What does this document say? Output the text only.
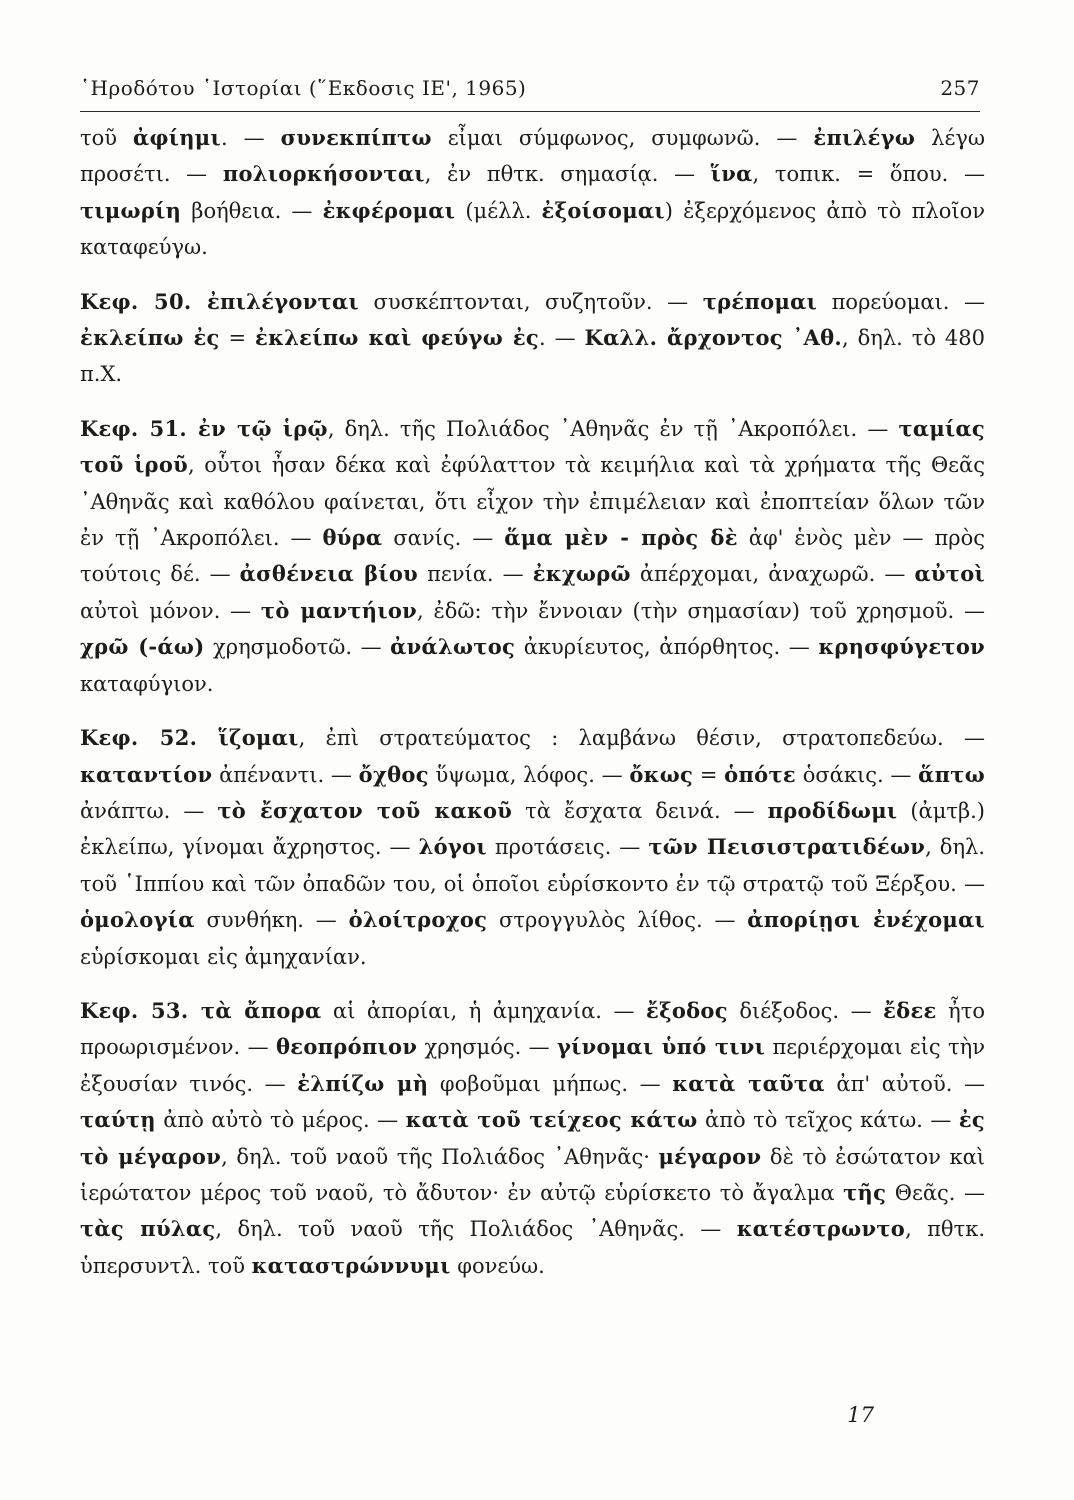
῾Ηροδότου ῾Ιστορίαι (῞Εκδοσις ΙΕ', 1965)	257

τοῦ ἀφίημι. — συνεκπίπτω εἶμαι σύμφωνος, συμφωνῶ. — ἐπιλέγω λέγω προσέτι. — πολιορκήσονται, ἐν πθτκ. σημασίᾳ. — ἵνα, τοπικ. = ὅπου. — τιμωρίη βοήθεια. — ἐκφέρομαι (μέλλ. ἐξοίσομαι) ἐξερχόμενος ἀπὸ τὸ πλοῖον καταφεύγω.

Κεφ. 50. ἐπιλέγονται συσκέπτονται, συζητοῦν. — τρέπομαι πορεύομαι. — ἐκλείπω ἐς = ἐκλείπω καὶ φεύγω ἐς. — Καλλ. ἄρχοντος ᾿Αθ., δηλ. τὸ 480 π.Χ.

Κεφ. 51. ἐν τῷ ἱρῷ, δηλ. τῆς Πολιάδος ᾿Αθηνᾶς ἐν τῇ ᾿Ακροπόλει. — ταμίας τοῦ ἱροῦ, οὗτοι ἦσαν δέκα καὶ ἐφύλαττον τὰ κειμήλια καὶ τὰ χρήματα τῆς Θεᾶς ᾿Αθηνᾶς καὶ καθόλου φαίνεται, ὅτι εἶχον τὴν ἐπιμέλειαν καὶ ἐποπτείαν ὅλων τῶν ἐν τῇ ᾿Ακροπόλει. — θύρα σανίς. — ἅμα μὲν - πρὸς δὲ ἀφ' ἑνὸς μὲν — πρὸς τούτοις δέ. — ἀσθένεια βίου πενία. — ἐκχωρῶ ἀπέρχομαι, ἀναχωρῶ. — αὐτοὶ αὐτοὶ μόνον. — τὸ μαντήιον, ἐδῶ: τὴν ἔννοιαν (τὴν σημασίαν) τοῦ χρησμοῦ. — χρῶ (-άω) χρησμοδοτῶ. — ἀνάλωτος ἀκυρίευτος, ἀπόρθητος. — κρησφύγετον καταφύγιον.

Κεφ. 52. ἵζομαι, ἐπὶ στρατεύματος : λαμβάνω θέσιν, στρατοπεδεύω. — καταντίον ἀπέναντι. — ὄχθος ὕψωμα, λόφος. — ὄκως = ὁπότε ὁσάκις. — ἅπτω ἀνάπτω. — τὸ ἔσχατον τοῦ κακοῦ τὰ ἔσχατα δεινά. — προδίδωμι (ἀμτβ.) ἐκλείπω, γίνομαι ἄχρηστος. — λόγοι προτάσεις. — τῶν Πεισιστρατιδέων, δηλ. τοῦ ῾Ιππίου καὶ τῶν ὀπαδῶν του, οἱ ὁποῖοι εὑρίσκοντο ἐν τῷ στρατῷ τοῦ Ξέρξου. — ὁμολογία συνθήκη. — ὀλοίτροχος στρογγυλὸς λίθος. — ἀπορίῃσι ἐνέχομαι εὑρίσκομαι εἰς ἀμηχανίαν.

Κεφ. 53. τὰ ἄπορα αἱ ἀπορίαι, ἡ ἀμηχανία. — ἔξοδος διέξοδος. — ἔδεε ἦτο προωρισμένον. — θεοπρόπιον χρησμός. — γίνομαι ὑπό τινι περιέρχομαι εἰς τὴν ἐξουσίαν τινός. — ἐλπίζω μὴ φοβοῦμαι μήπως. — κατὰ ταῦτα ἀπ' αὐτοῦ. — ταύτῃ ἀπὸ αὐτὸ τὸ μέρος. — κατὰ τοῦ τείχεος κάτω ἀπὸ τὸ τεῖχος κάτω. — ἐς τὸ μέγαρον, δηλ. τοῦ ναοῦ τῆς Πολιάδος ᾿Αθηνᾶς· μέγαρον δὲ τὸ ἐσώτατον καὶ ἱερώτατον μέρος τοῦ ναοῦ, τὸ ἄδυτον· ἐν αὐτῷ εὑρίσκετο τὸ ἄγαλμα τῆς Θεᾶς. — τὰς πύλας, δηλ. τοῦ ναοῦ τῆς Πολιάδος ᾿Αθηνᾶς. — κατέστρωντο, πθτκ. ὑπερσυντλ. τοῦ καταστρώννυμι φονεύω.

17
